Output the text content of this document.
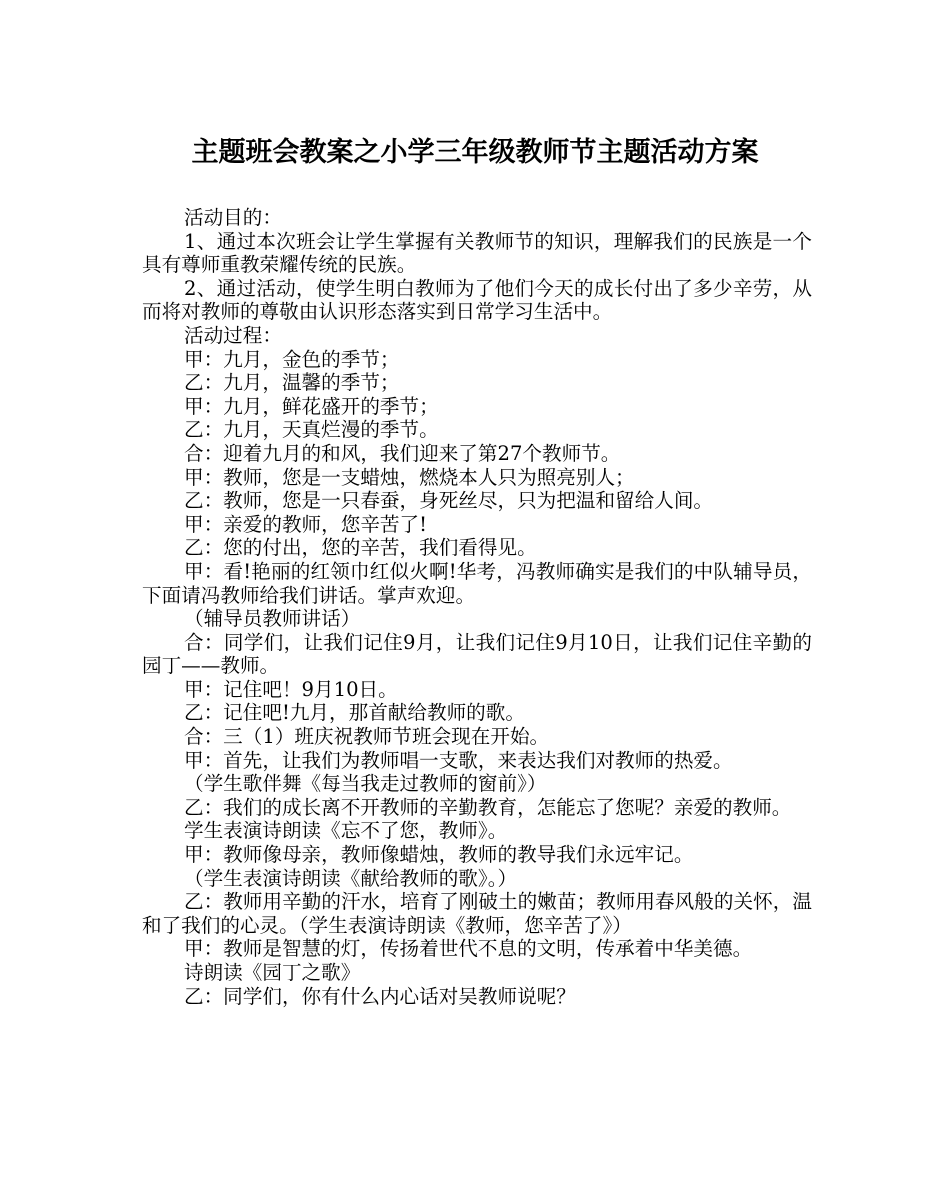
主题班会教案之小学三年级教师节主题活动方案

活动目的：

1、通过本次班会让学生掌握有关教师节的知识，理解我们的民族是一个具有尊师重教荣耀传统的民族。

2、通过活动，使学生明白教师为了他们今天的成长付出了多少辛劳，从而将对教师的尊敬由认识形态落实到日常学习生活中。

活动过程：

甲：九月，金色的季节；

乙：九月，温馨的季节；

甲：九月，鲜花盛开的季节；

乙：九月，天真烂漫的季节。

合：迎着九月的和风，我们迎来了第27个教师节。

甲：教师，您是一支蜡烛，燃烧本人只为照亮别人；

乙：教师，您是一只春蚕，身死丝尽，只为把温和留给人间。

甲：亲爱的教师，您辛苦了!

乙：您的付出，您的辛苦，我们看得见。

甲：看!艳丽的红领巾红似火啊!华考，冯教师确实是我们的中队辅导员，下面请冯教师给我们讲话。掌声欢迎。

（辅导员教师讲话）

合：同学们，让我们记住9月，让我们记住9月10日，让我们记住辛勤的园丁——教师。

甲：记住吧！9月10日。

乙：记住吧!九月，那首献给教师的歌。

合：三（1）班庆祝教师节班会现在开始。

甲：首先，让我们为教师唱一支歌，来表达我们对教师的热爱。

（学生歌伴舞《每当我走过教师的窗前》）

乙：我们的成长离不开教师的辛勤教育，怎能忘了您呢？亲爱的教师。

学生表演诗朗读《忘不了您，教师》。

甲：教师像母亲，教师像蜡烛，教师的教导我们永远牢记。

（学生表演诗朗读《献给教师的歌》。）

乙：教师用辛勤的汗水，培育了刚破土的嫩苗；教师用春风般的关怀，温和了我们的心灵。（学生表演诗朗读《教师，您辛苦了》）

甲：教师是智慧的灯，传扬着世代不息的文明，传承着中华美德。

诗朗读《园丁之歌》

乙：同学们，你有什么内心话对吴教师说呢？
